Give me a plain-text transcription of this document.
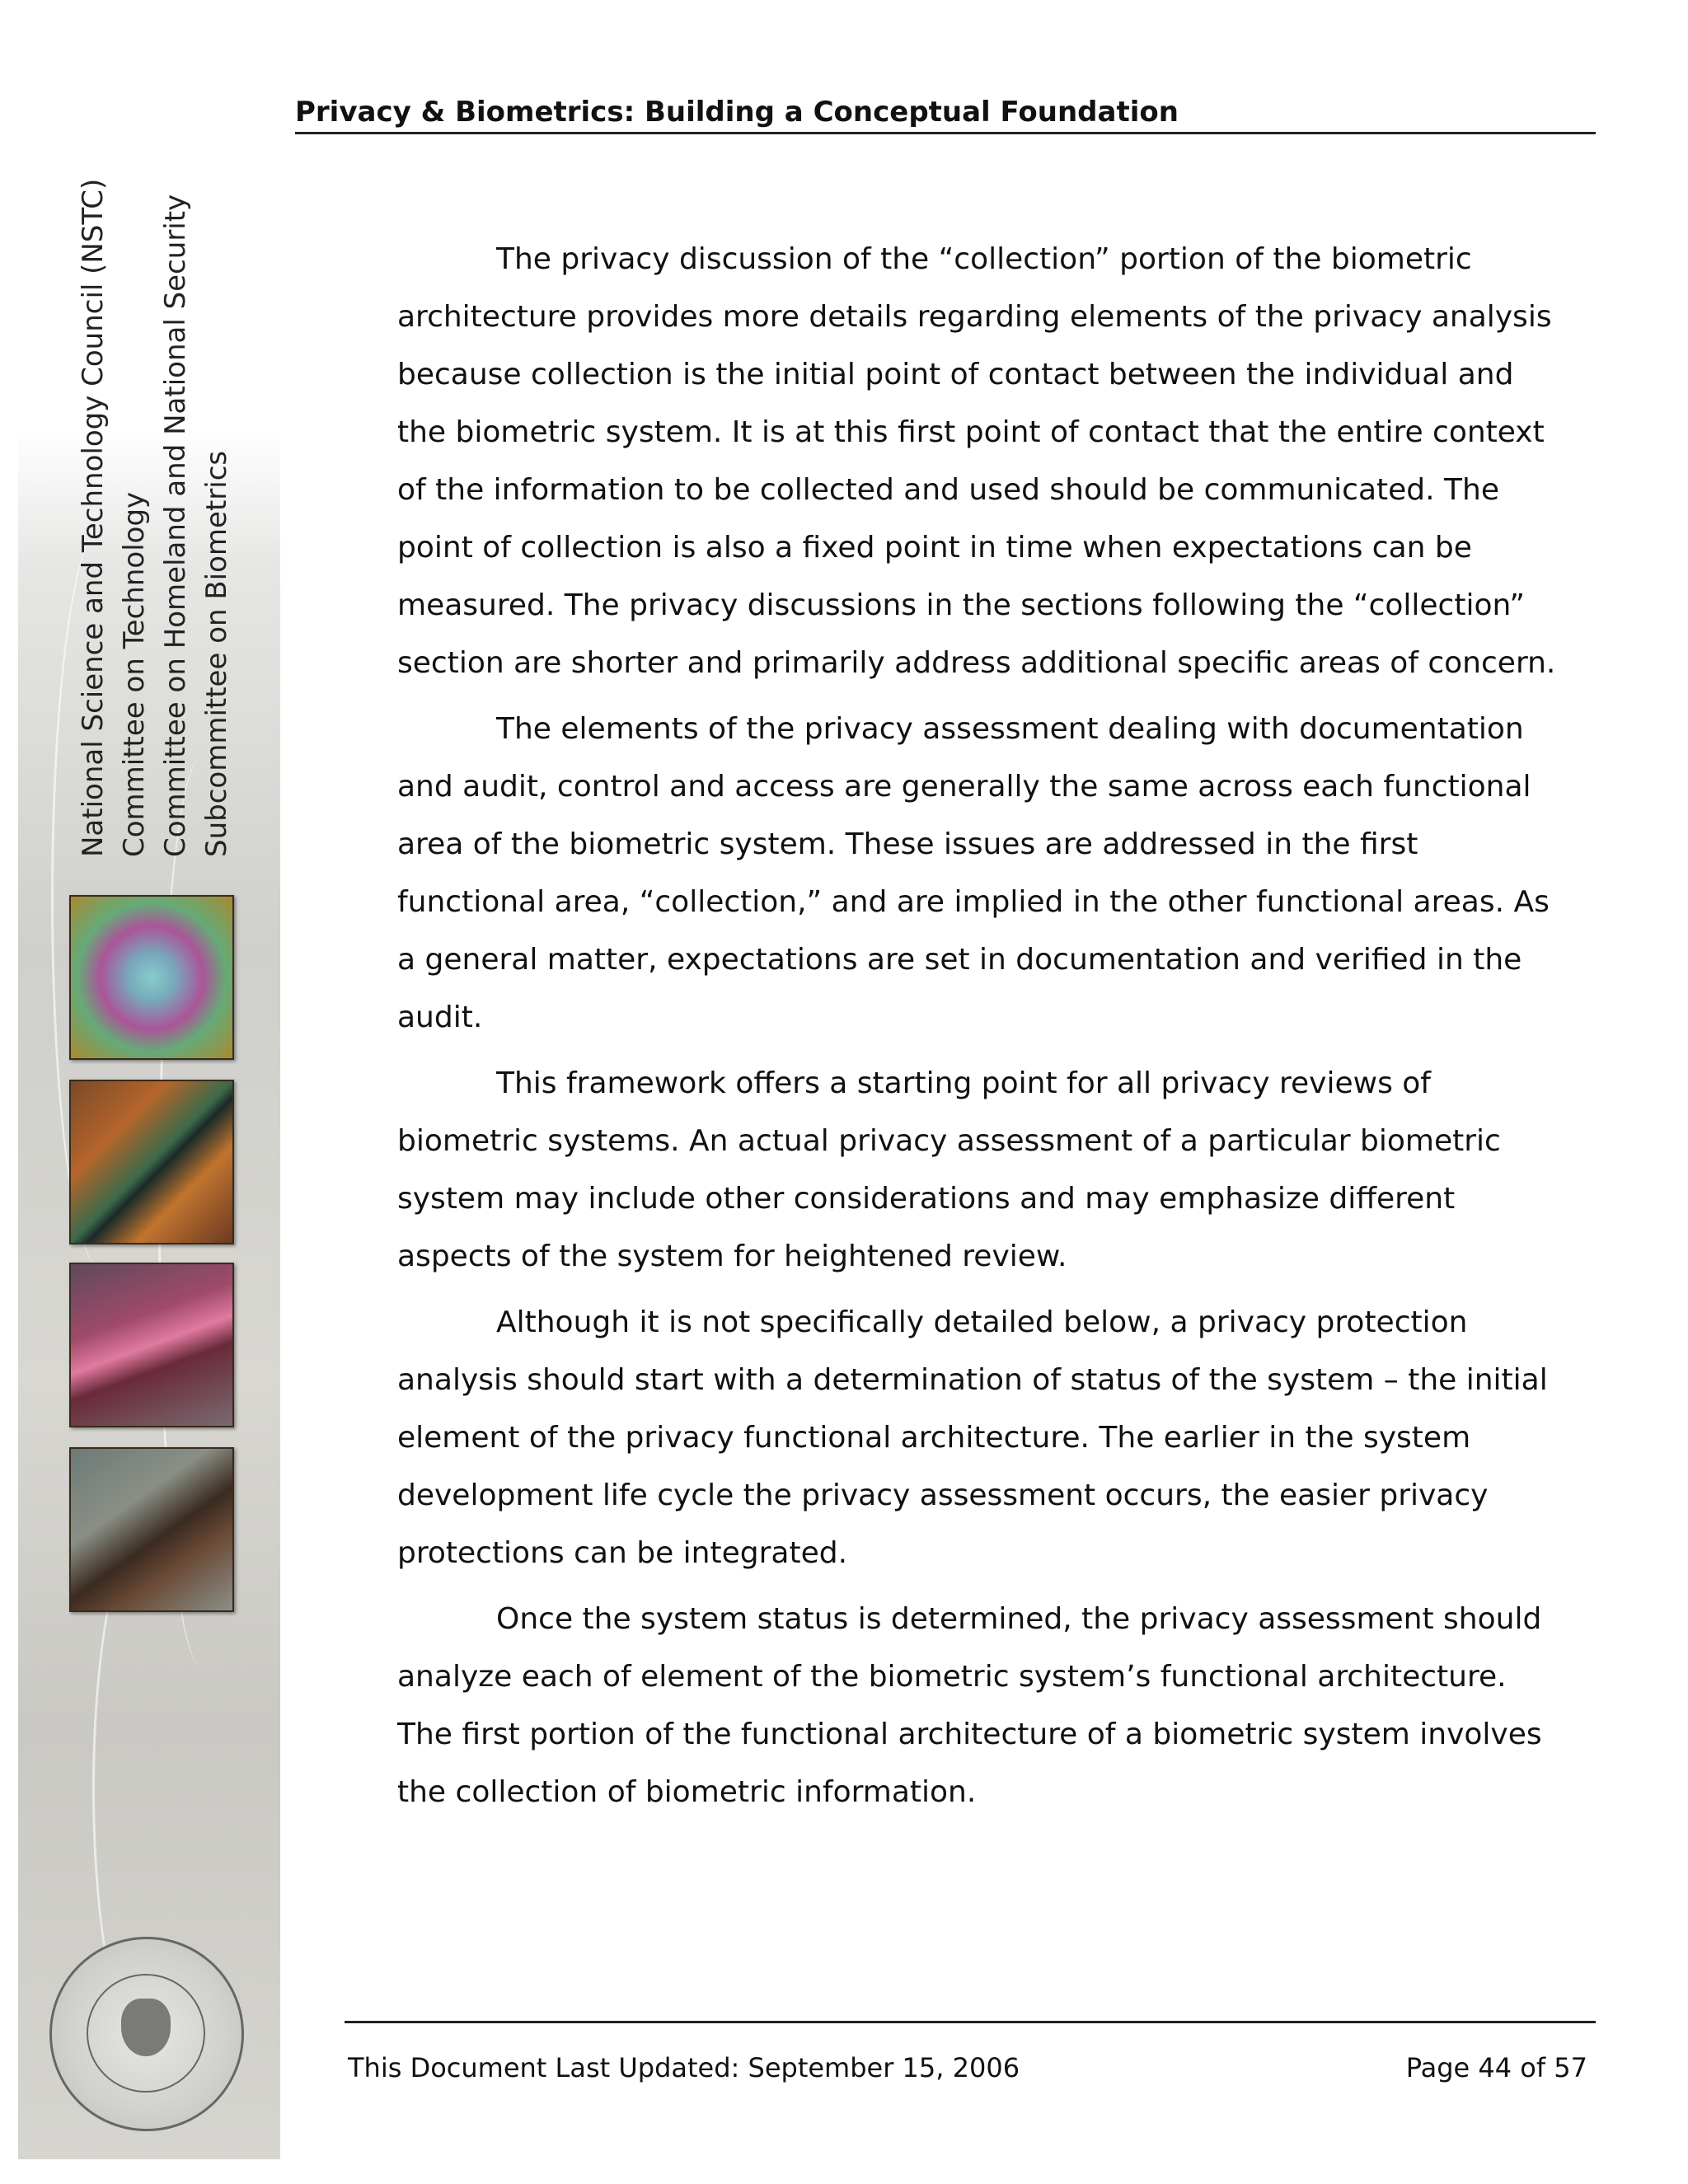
National Science and Technology Council (NSTC) Committee on Technology Committee on Homeland and National Security Subcommittee on Biometrics
Privacy & Biometrics: Building a Conceptual Foundation

The privacy discussion of the “collection” portion of the biometric architecture provides more details regarding elements of the privacy analysis because collection is the initial point of contact between the individual and the biometric system. It is at this first point of contact that the entire context of the information to be collected and used should be communicated. The point of collection is also a fixed point in time when expectations can be measured. The privacy discussions in the sections following the “collection” section are shorter and primarily address additional specific areas of concern.

The elements of the privacy assessment dealing with documentation and audit, control and access are generally the same across each functional area of the biometric system. These issues are addressed in the first functional area, “collection,” and are implied in the other functional areas. As a general matter, expectations are set in documentation and verified in the audit.

This framework offers a starting point for all privacy reviews of biometric systems. An actual privacy assessment of a particular biometric system may include other considerations and may emphasize different aspects of the system for heightened review.

Although it is not specifically detailed below, a privacy protection analysis should start with a determination of status of the system – the initial element of the privacy functional architecture. The earlier in the system development life cycle the privacy assessment occurs, the easier privacy protections can be integrated.

Once the system status is determined, the privacy assessment should analyze each of element of the biometric system’s functional architecture. The first portion of the functional architecture of a biometric system involves the collection of biometric information.

This Document Last Updated: September 15, 2006	Page 44 of 57
